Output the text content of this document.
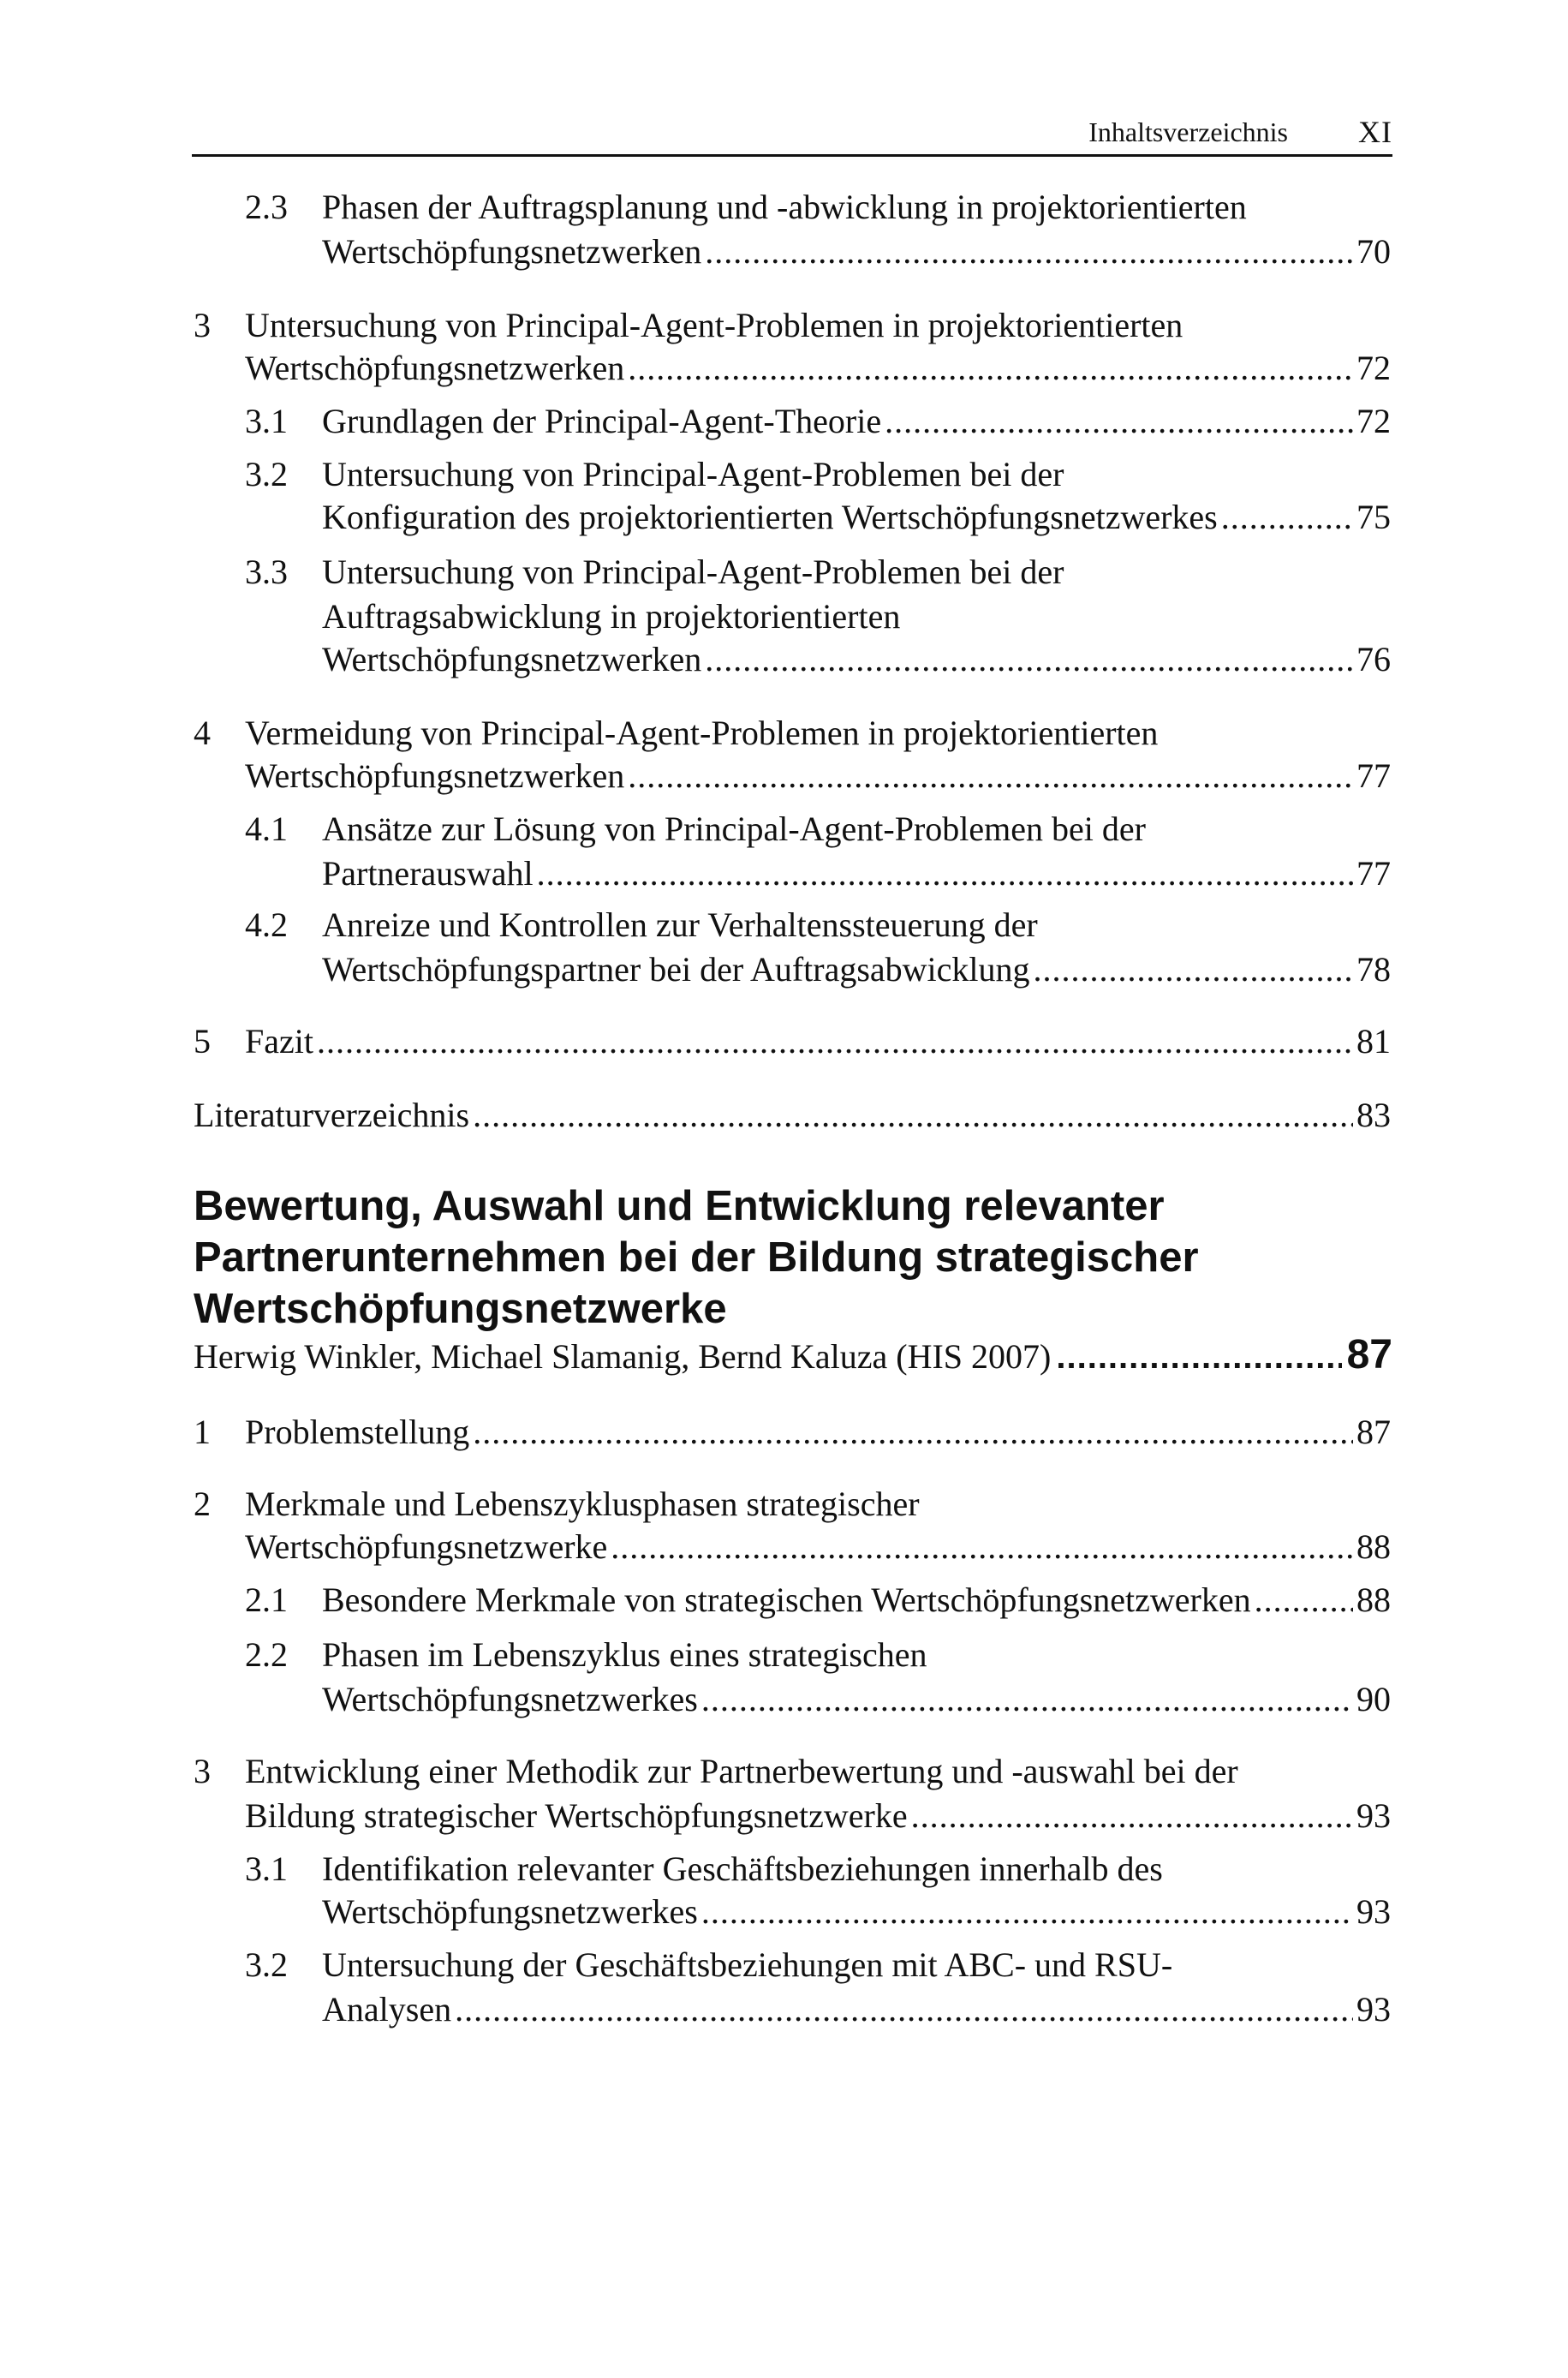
Inhaltsverzeichnis XI
2.3 Phasen der Auftragsplanung und -abwicklung in projektorientierten
Wertschöpfungsnetzwerken .....	70
3 Untersuchung von Principal-Agent-Problemen in projektorientierten
Wertschöpfungsnetzwerken .....	72
3.1 Grundlagen der Principal-Agent-Theorie .....	72
3.2 Untersuchung von Principal-Agent-Problemen bei der
Konfiguration des projektorientierten Wertschöpfungsnetzwerkes .....	75
3.3 Untersuchung von Principal-Agent-Problemen bei der
Auftragsabwicklung in projektorientierten
Wertschöpfungsnetzwerken .....	76
4 Vermeidung von Principal-Agent-Problemen in projektorientierten
Wertschöpfungsnetzwerken .....	77
4.1 Ansätze zur Lösung von Principal-Agent-Problemen bei der
Partnerauswahl .....	77
4.2 Anreize und Kontrollen zur Verhaltenssteuerung der
Wertschöpfungspartner bei der Auftragsabwicklung .....	78
5 Fazit .....	81
Literaturverzeichnis .....	83
Bewertung, Auswahl und Entwicklung relevanter
Partnerunternehmen bei der Bildung strategischer
Wertschöpfungsnetzwerke
Herwig Winkler, Michael Slamanig, Bernd Kaluza (HIS 2007) .....	87
1 Problemstellung .....	87
2 Merkmale und Lebenszyklusphasen strategischer
Wertschöpfungsnetzwerke .....	88
2.1 Besondere Merkmale von strategischen Wertschöpfungsnetzwerken .....	88
2.2 Phasen im Lebenszyklus eines strategischen
Wertschöpfungsnetzwerkes .....	90
3 Entwicklung einer Methodik zur Partnerbewertung und -auswahl bei der
Bildung strategischer Wertschöpfungsnetzwerke .....	93
3.1 Identifikation relevanter Geschäftsbeziehungen innerhalb des
Wertschöpfungsnetzwerkes .....	93
3.2 Untersuchung der Geschäftsbeziehungen mit ABC- und RSU-
Analysen .....	93
